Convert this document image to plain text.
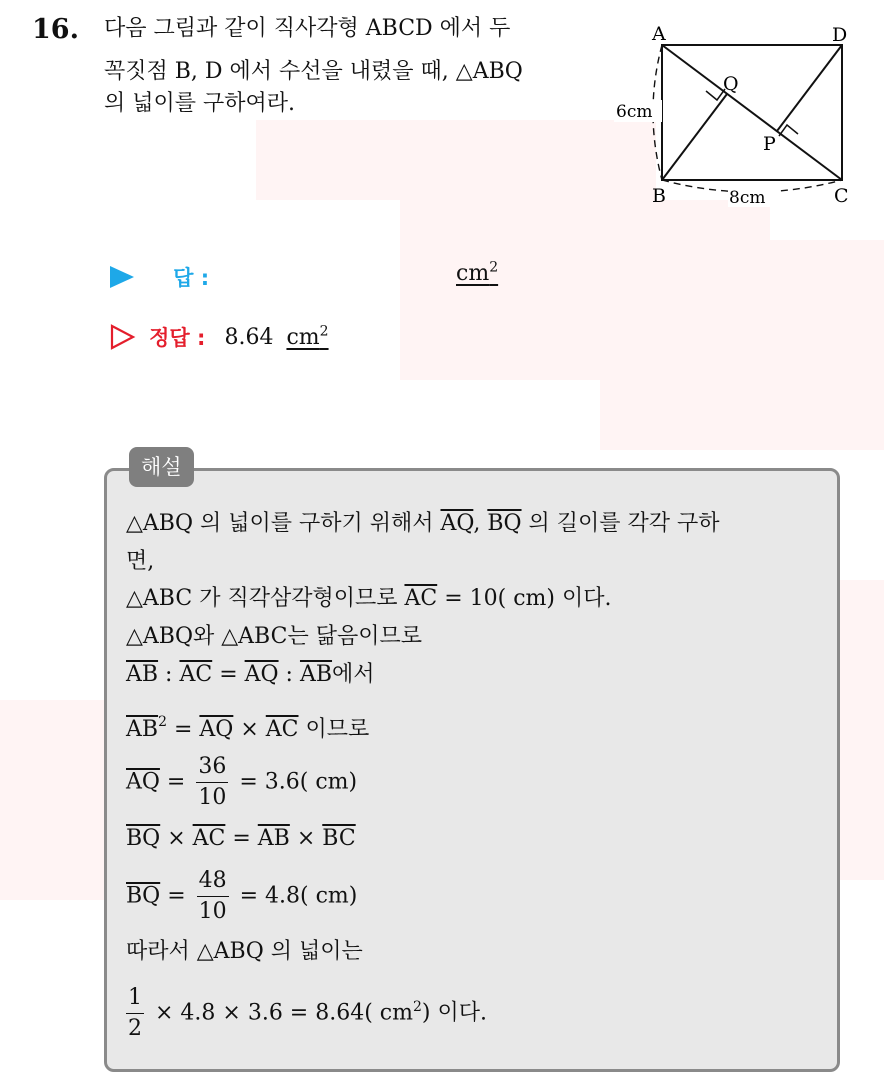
16. 다음 그림과 같이 직사각형 ABCD 에서 두
꼭짓점 B, D 에서 수선을 내렸을 때, △ABQ
의 넓이를 구하여라.
A	D
B	C
Q
P
6cm
8cm
답 :	$cm^2$
정답 : 8.64 $cm^2$
해설
△ABQ 의 넓이를 구하기 위해서 $\overline{AQ}$, $\overline{BQ}$ 의 길이를 각각 구하
면,
△ABC 가 직각삼각형이므로 $\overline{AC} = 10$( cm) 이다.
△ABQ와 △ABC는 닮음이므로
$\overline{AB}$ : $\overline{AC} = \overline{AQ}$ : $\overline{AB}$에서
$\overline{AB}^2 = \overline{AQ} \times \overline{AC}$ 이므로
$\overline{AQ} = \frac{36}{10} = 3.6$( cm)
$\overline{BQ} \times \overline{AC} = \overline{AB} \times \overline{BC}$
$\overline{BQ} = \frac{48}{10} = 4.8$( cm)
따라서 △ABQ 의 넓이는
$\frac{1}{2} \times 4.8 \times 3.6 = 8.64$( $cm^2$) 이다.
